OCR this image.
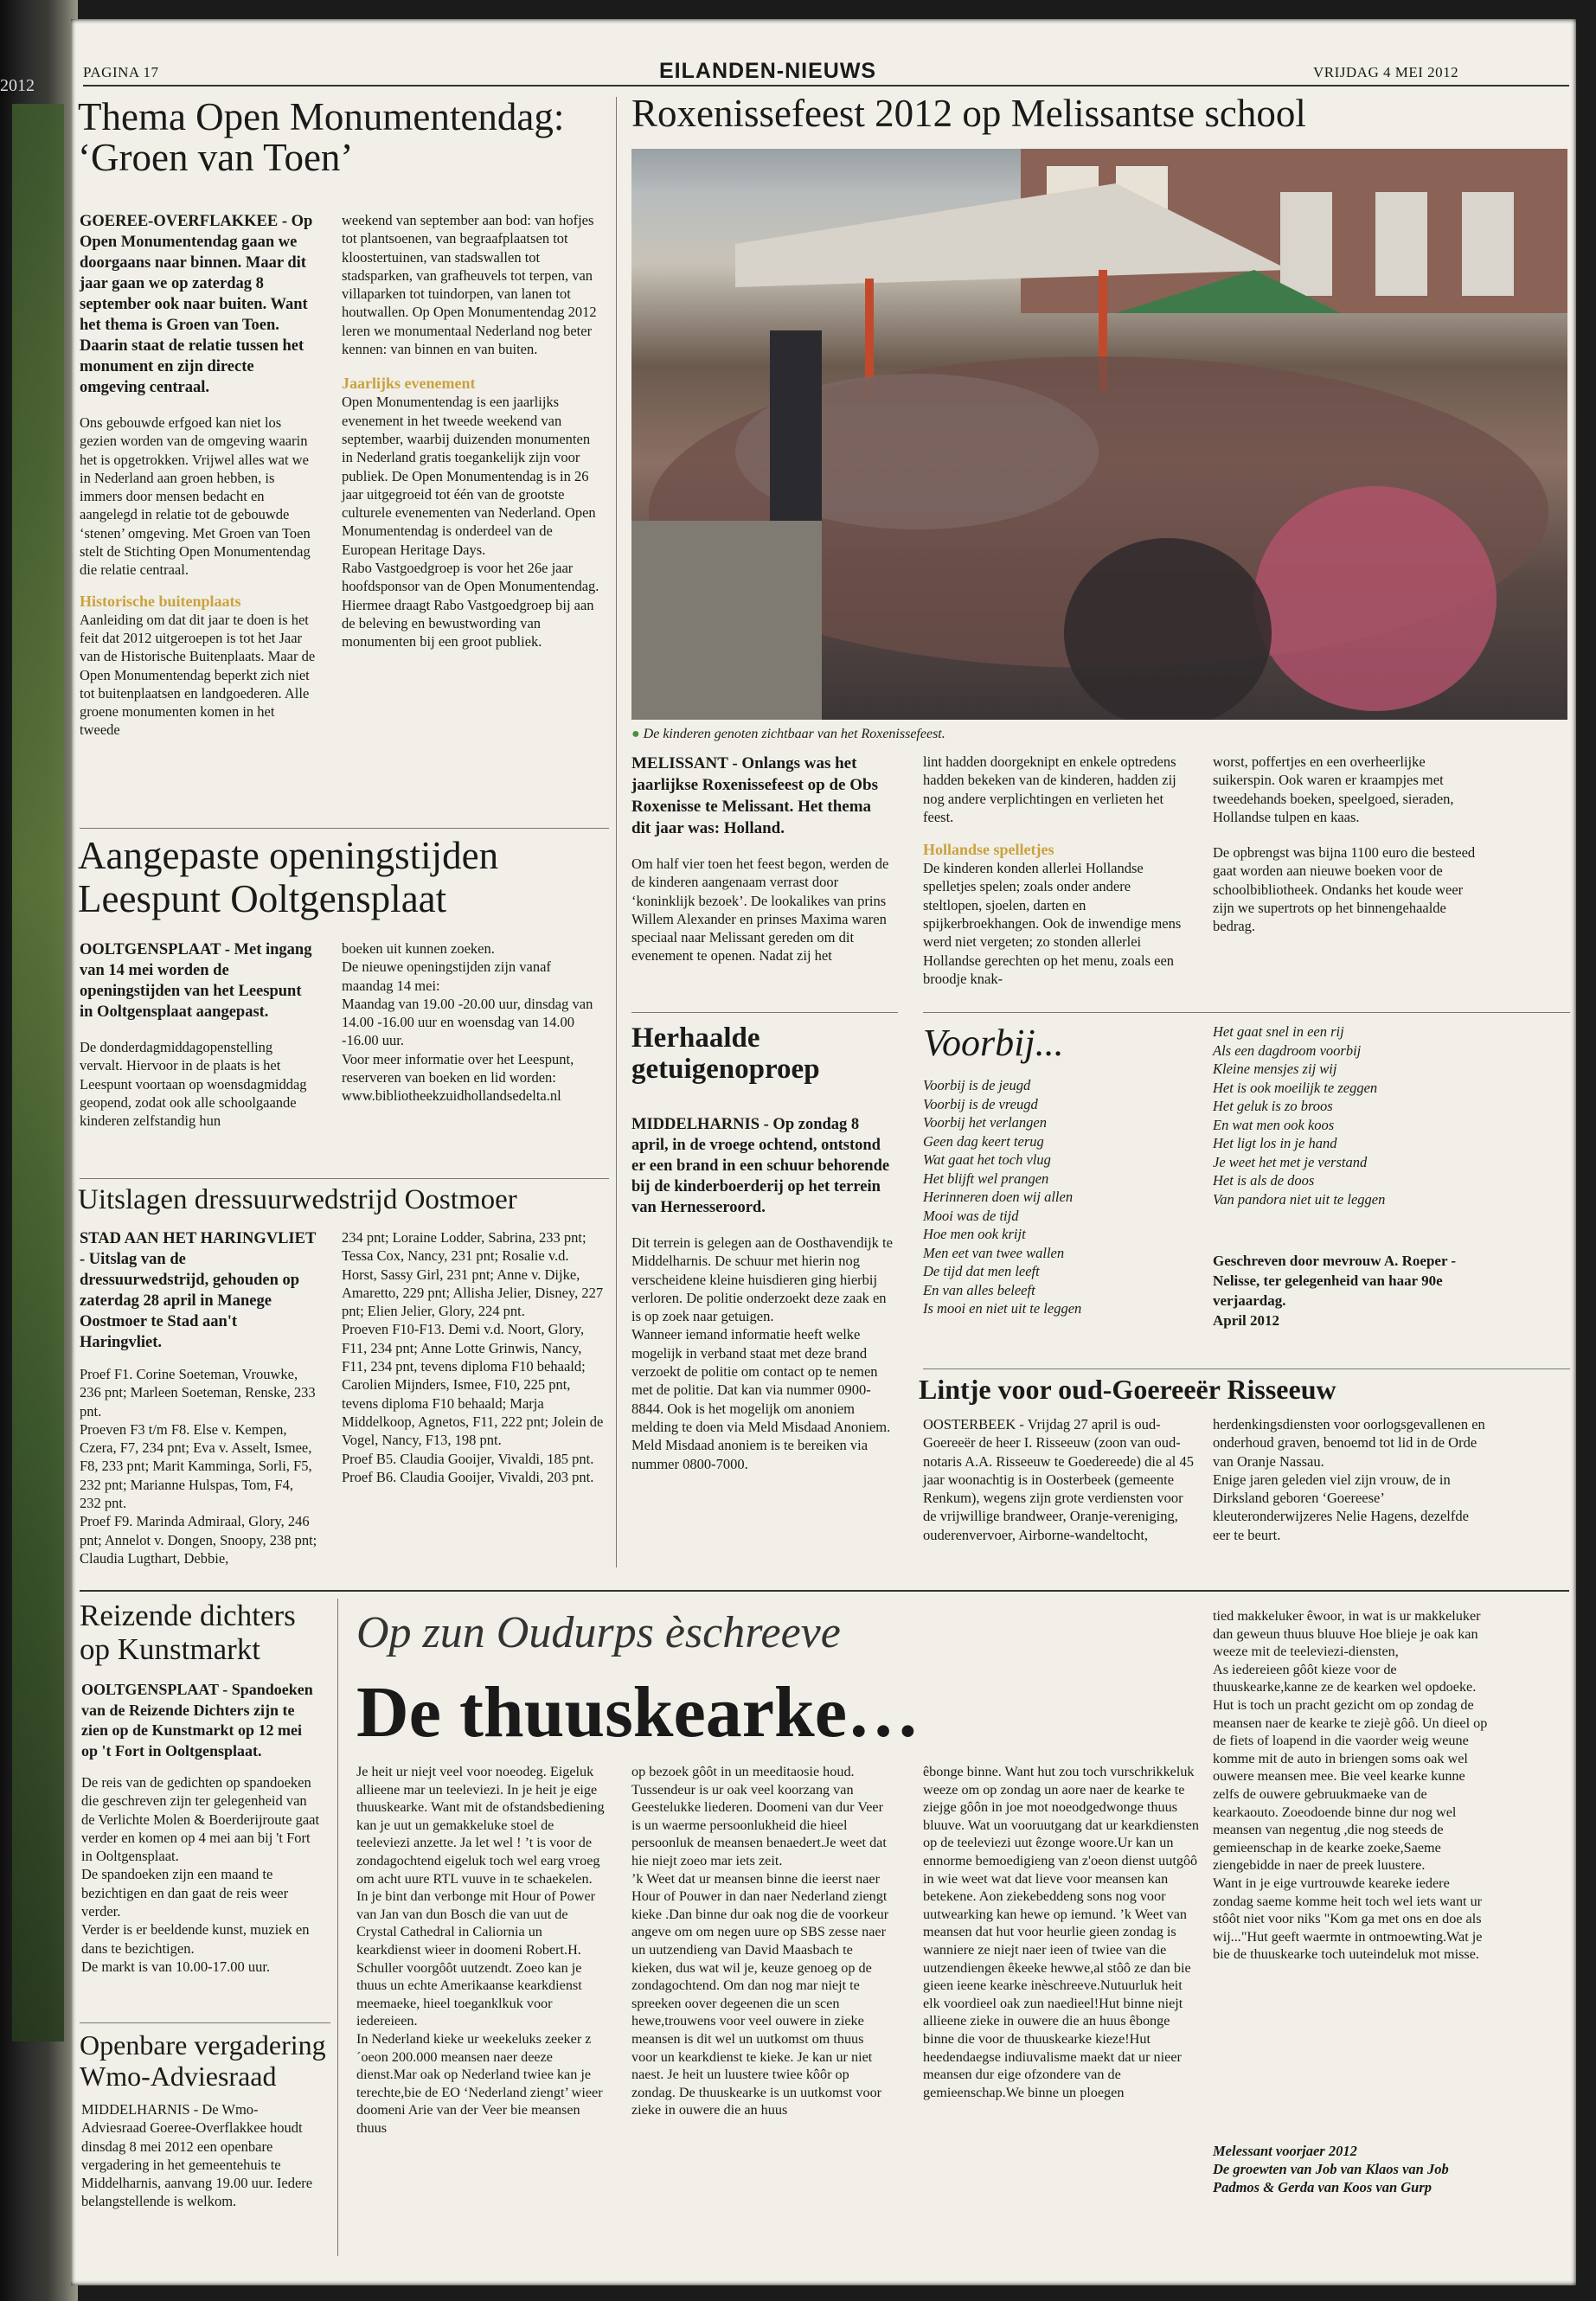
2012
PAGINA 17	EILANDEN-NIEUWS	VRIJDAG 4 MEI 2012
Thema Open Monumentendag:
‘Groen van Toen’

GOEREE-OVERFLAKKEE - Op Open Monumentendag gaan we doorgaans naar binnen. Maar dit jaar gaan we op zaterdag 8 september ook naar buiten. Want het thema is Groen van Toen. Daarin staat de relatie tussen het monument en zijn directe omgeving centraal.

Ons gebouwde erfgoed kan niet los gezien worden van de omgeving waarin het is opgetrokken. Vrijwel alles wat we in Nederland aan groen hebben, is immers door mensen bedacht en aangelegd in relatie tot de gebouwde ‘stenen’ omgeving. Met Groen van Toen stelt de Stichting Open Monumentendag die relatie centraal.

Historische buitenplaats

Aanleiding om dat dit jaar te doen is het feit dat 2012 uitgeroepen is tot het Jaar van de Historische Buitenplaats. Maar de Open Monumentendag beperkt zich niet tot buitenplaatsen en landgoederen. Alle groene monumenten komen in het tweede

weekend van september aan bod: van hofjes tot plantsoenen, van begraafplaatsen tot kloostertuinen, van stadswallen tot stadsparken, van grafheuvels tot terpen, van villaparken tot tuindorpen, van lanen tot houtwallen. Op Open Monumentendag 2012 leren we monumentaal Nederland nog beter kennen: van binnen en van buiten.

Jaarlijks evenement

Open Monumentendag is een jaarlijks evenement in het tweede weekend van september, waarbij duizenden monumenten in Nederland gratis toegankelijk zijn voor publiek. De Open Monumentendag is in 26 jaar uitgegroeid tot één van de grootste culturele evenementen van Nederland. Open Monumentendag is onderdeel van de European Heritage Days.

Rabo Vastgoedgroep is voor het 26e jaar hoofdsponsor van de Open Monumentendag. Hiermee draagt Rabo Vastgoedgroep bij aan de beleving en bewustwording van monumenten bij een groot publiek.

Roxenissefeest 2012 op Melissantse school
● De kinderen genoten zichtbaar van het Roxenissefeest.

MELISSANT - Onlangs was het jaarlijkse Roxenissefeest op de Obs Roxenisse te Melissant. Het thema dit jaar was: Holland.

Om half vier toen het feest begon, werden de de kinderen aangenaam verrast door ‘koninklijk bezoek’. De lookalikes van prins Willem Alexander en prinses Maxima waren speciaal naar Melissant gereden om dit evenement te openen. Nadat zij het

lint hadden doorgeknipt en enkele optredens hadden bekeken van de kinderen, hadden zij nog andere verplichtingen en verlieten het feest.

Hollandse spelletjes

De kinderen konden allerlei Hollandse spelletjes spelen; zoals onder andere steltlopen, sjoelen, darten en spijkerbroekhangen. Ook de inwendige mens werd niet vergeten; zo stonden allerlei Hollandse gerechten op het menu, zoals een broodje knak-

worst, poffertjes en een overheerlijke suikerspin. Ook waren er kraampjes met tweedehands boeken, speelgoed, sieraden, Hollandse tulpen en kaas.

De opbrengst was bijna 1100 euro die besteed gaat worden aan nieuwe boeken voor de schoolbibliotheek. Ondanks het koude weer zijn we supertrots op het binnengehaalde bedrag.

Aangepaste openingstijden
Leespunt Ooltgensplaat

OOLTGENSPLAAT - Met ingang van 14 mei worden de openingstijden van het Leespunt in Ooltgensplaat aangepast.

De donderdagmiddagopenstelling vervalt. Hiervoor in de plaats is het Leespunt voortaan op woensdagmiddag geopend, zodat ook alle schoolgaande kinderen zelfstandig hun

boeken uit kunnen zoeken.
De nieuwe openingstijden zijn vanaf maandag 14 mei:
Maandag van 19.00 -20.00 uur, dinsdag van 14.00 -16.00 uur en woensdag van 14.00 -16.00 uur.
Voor meer informatie over het Leespunt, reserveren van boeken en lid worden: www.bibliotheekzuidhollandsedelta.nl

Herhaalde
getuigenoproep

MIDDELHARNIS - Op zondag 8 april, in de vroege ochtend, ontstond er een brand in een schuur behorende bij de kinderboerderij op het terrein van Hernesseroord.

Dit terrein is gelegen aan de Oosthavendijk te Middelharnis. De schuur met hierin nog verscheidene kleine huisdieren ging hierbij verloren. De politie onderzoekt deze zaak en is op zoek naar getuigen.
Wanneer iemand informatie heeft welke mogelijk in verband staat met deze brand verzoekt de politie om contact op te nemen met de politie. Dat kan via nummer 0900-8844. Ook is het mogelijk om anoniem melding te doen via Meld Misdaad Anoniem. Meld Misdaad anoniem is te bereiken via nummer 0800-7000.

Voorbij...
Voorbij is de jeugd
Voorbij is de vreugd
Voorbij het verlangen
Geen dag keert terug
Wat gaat het toch vlug
Het blijft wel prangen
Herinneren doen wij allen
Mooi was de tijd
Hoe men ook krijt
Men eet van twee wallen
De tijd dat men leeft
En van alles beleeft
Is mooi en niet uit te leggen
Het gaat snel in een rij
Als een dagdroom voorbij
Kleine mensjes zij wij
Het is ook moeilijk te zeggen
Het geluk is zo broos
En wat men ook koos
Het ligt los in je hand
Je weet het met je verstand
Het is als de doos
Van pandora niet uit te leggen
Geschreven door mevrouw A. Roeper - Nelisse, ter gelegenheid van haar 90e verjaardag.
April 2012
Uitslagen dressuurwedstrijd Oostmoer

STAD AAN HET HARINGVLIET - Uitslag van de dressuurwedstrijd, gehouden op zaterdag 28 april in Manege Oostmoer te Stad aan't Haringvliet.

Proef F1. Corine Soeteman, Vrouwke, 236 pnt; Marleen Soeteman, Renske, 233 pnt.
Proeven F3 t/m F8. Else v. Kempen, Czera, F7, 234 pnt; Eva v. Asselt, Ismee, F8, 233 pnt; Marit Kamminga, Sorli, F5, 232 pnt; Marianne Hulspas, Tom, F4, 232 pnt.
Proef F9. Marinda Admiraal, Glory, 246 pnt; Annelot v. Dongen, Snoopy, 238 pnt; Claudia Lugthart, Debbie,

234 pnt; Loraine Lodder, Sabrina, 233 pnt; Tessa Cox, Nancy, 231 pnt; Rosalie v.d. Horst, Sassy Girl, 231 pnt; Anne v. Dijke, Amaretto, 229 pnt; Allisha Jelier, Disney, 227 pnt; Elien Jelier, Glory, 224 pnt.
Proeven F10-F13. Demi v.d. Noort, Glory, F11, 234 pnt; Anne Lotte Grinwis, Nancy, F11, 234 pnt, tevens diploma F10 behaald; Carolien Mijnders, Ismee, F10, 225 pnt, tevens diploma F10 behaald; Marja Middelkoop, Agnetos, F11, 222 pnt; Jolein de Vogel, Nancy, F13, 198 pnt.
Proef B5. Claudia Gooijer, Vivaldi, 185 pnt.
Proef B6. Claudia Gooijer, Vivaldi, 203 pnt.

Lintje voor oud-Goereeër Risseeuw

OOSTERBEEK - Vrijdag 27 april is oud-Goereeër de heer I. Risseeuw (zoon van oud-notaris A.A. Risseeuw te Goedereede) die al 45 jaar woonachtig is in Oosterbeek (gemeente Renkum), wegens zijn grote verdiensten voor de vrijwillige brandweer, Oranje-vereniging, ouderenvervoer, Airborne-wandeltocht,

herdenkingsdiensten voor oorlogsgevallenen en onderhoud graven, benoemd tot lid in de Orde van Oranje Nassau.
Enige jaren geleden viel zijn vrouw, de in Dirksland geboren ‘Goereese’ kleuteronderwijzeres Nelie Hagens, dezelfde eer te beurt.

Reizende dichters
op Kunstmarkt

OOLTGENSPLAAT - Spandoeken van de Reizende Dichters zijn te zien op de Kunstmarkt op 12 mei op 't Fort in Ooltgensplaat.

De reis van de gedichten op spandoeken die geschreven zijn ter gelegenheid van de Verlichte Molen & Boerderijroute gaat verder en komen op 4 mei aan bij 't Fort in Ooltgensplaat.
De spandoeken zijn een maand te bezichtigen en dan gaat de reis weer verder.
Verder is er beeldende kunst, muziek en dans te bezichtigen.
De markt is van 10.00-17.00 uur.

Openbare vergadering
Wmo-Adviesraad
MIDDELHARNIS - De Wmo-Adviesraad Goeree-Overflakkee houdt dinsdag 8 mei 2012 een openbare vergadering in het gemeentehuis te Middelharnis, aanvang 19.00 uur. Iedere belangstellende is welkom.
Op zun Oudurps èschreeve
De thuuskearke…
Je heit ur niejt veel voor noeodeg. Eigeluk allieene mar un teeleviezi. In je heit je eige thuuskearke. Want mit de ofstandsbediening kan je uut un gemakkeluke stoel de teeleviezi anzette. Ja let wel ! ’t is voor de zondagochtend eigeluk toch wel earg vroeg om acht uure RTL vuuve in te schaekelen. In je bint dan verbonge mit Hour of Power van Jan van dun Bosch die van uut de Crystal Cathedral in Caliornia un kearkdienst wieer in doomeni Robert.H. Schuller voorgôôt uutzendt. Zoeo kan je thuus un echte Amerikaanse kearkdienst meemaeke, hieel toeganklkuk voor iedereieen.
In Nederland kieke ur weekeluks zeeker z´oeon 200.000 meansen naer deeze dienst.Mar oak op Nederland twiee kan je terechte,bie de EO ‘Nederland ziengt’ wieer doomeni Arie van der Veer bie meansen thuus
op bezoek gôôt in un meeditaosie houd. Tussendeur is ur oak veel koorzang van Geestelukke liederen. Doomeni van dur Veer is un waerme persoonlukheid die hieel persoonluk de meansen benaedert.Je weet dat hie niejt zoeo mar iets zeit.
’k Weet dat ur meansen binne die ieerst naer Hour of Pouwer in dan naer Nederland ziengt kieke .Dan binne dur oak nog die de voorkeur angeve om om negen uure op SBS zesse naer un uutzendieng van David Maasbach te kieken, dus wat wil je, keuze genoeg op de zondagochtend. Om dan nog mar niejt te spreeken oover degeenen die un scen hewe,trouwens voor veel ouwere in zieke meansen is dit wel un uutkomst om thuus voor un kearkdienst te kieke. Je kan ur niet naest. Je heit un luustere twiee kôôr op zondag. De thuuskearke is un uutkomst voor zieke in ouwere die an huus
êbonge binne. Want hut zou toch vurschrikkeluk weeze om op zondag un aore naer de kearke te ziejge gôôn in joe mot noeodgedwonge thuus bluuve. Wat un vooruutgang dat ur kearkdiensten op de teeleviezi uut êzonge woore.Ur kan un ennorme bemoedigieng van z'oeon dienst uutgôô in wie weet wat dat lieve voor meansen kan betekene. Aon ziekebeddeng sons nog voor uutwearking kan hewe op iemund. ’k Weet van meansen dat hut voor heurlie gieen zondag is wanniere ze niejt naer ieen of twiee van die uutzendiengen êkeeke hewwe,al stôô ze dan bie gieen ieene kearke inèschreeve.Nutuurluk heit elk voordieel oak zun naedieel!Hut binne niejt allieene zieke in ouwere die an huus êbonge binne die voor de thuuskearke kieze!Hut heedendaegse indiuvalisme maekt dat ur nieer meansen dur eige ofzondere van de gemieenschap.We binne un ploegen
tied makkeluker êwoor, in wat is ur makkeluker dan geweun thuus bluuve Hoe blieje je oak kan weeze mit de teeleviezi-diensten,
As iedereieen gôôt kieze voor de thuuskearke,kanne ze de kearken wel opdoeke. Hut is toch un pracht gezicht om op zondag de meansen naer de kearke te ziejè gôô. Un dieel op de fiets of loapend in die vaorder weig weune komme mit de auto in briengen soms oak wel ouwere meansen mee. Bie veel kearke kunne zelfs de ouwere gebruukmaeke van de kearkaouto. Zoeodoende binne dur nog wel meansen van negentug ,die nog steeds de gemieenschap in de kearke zoeke,Saeme ziengebidde in naer de preek luustere.
Want in je eige vurtrouwde keareke iedere zondag saeme komme heit toch wel iets want ur stôôt niet voor niks "Kom ga met ons en doe als wij..."Hut geeft waermte in ontmoewting.Wat je bie de thuuskearke toch uuteindeluk mot misse.
Melessant voorjaer 2012
De groewten van Job van Klaos van Job Padmos & Gerda van Koos van Gurp
